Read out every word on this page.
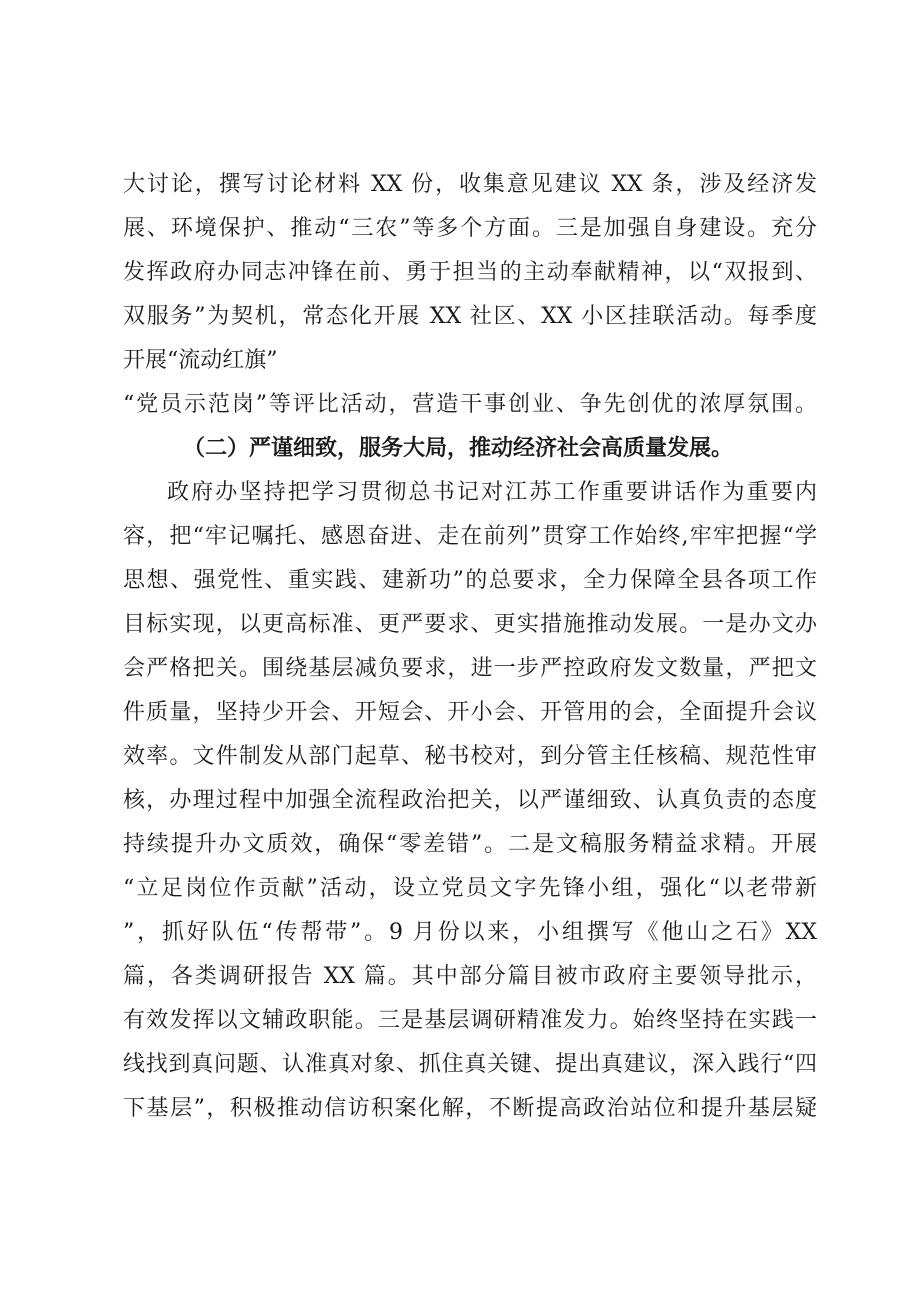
大讨论，撰写讨论材料 XX 份，收集意见建议 XX 条，涉及经济发
展、环境保护、推动“三农”等多个方面。三是加强自身建设。充分
发挥政府办同志冲锋在前、勇于担当的主动奉献精神，以“双报到、
双服务”为契机，常态化开展 XX 社区、XX 小区挂联活动。每季度
开展“流动红旗”
“党员示范岗”等评比活动，营造干事创业、争先创优的浓厚氛围。
（二）严谨细致，服务大局，推动经济社会高质量发展。
政府办坚持把学习贯彻总书记对江苏工作重要讲话作为重要内
容，把“牢记嘱托、感恩奋进、走在前列”贯穿工作始终,牢牢把握“学
思想、强党性、重实践、建新功”的总要求，全力保障全县各项工作
目标实现，以更高标准、更严要求、更实措施推动发展。一是办文办
会严格把关。围绕基层减负要求，进一步严控政府发文数量，严把文
件质量，坚持少开会、开短会、开小会、开管用的会，全面提升会议
效率。文件制发从部门起草、秘书校对，到分管主任核稿、规范性审
核，办理过程中加强全流程政治把关，以严谨细致、认真负责的态度
持续提升办文质效，确保“零差错”。二是文稿服务精益求精。开展
“立足岗位作贡献”活动，设立党员文字先锋小组，强化“以老带新
”，抓好队伍“传帮带”。9 月份以来，小组撰写《他山之石》XX
篇，各类调研报告 XX 篇。其中部分篇目被市政府主要领导批示，
有效发挥以文辅政职能。三是基层调研精准发力。始终坚持在实践一
线找到真问题、认准真对象、抓住真关键、提出真建议，深入践行“四
下基层”，积极推动信访积案化解，不断提高政治站位和提升基层疑
